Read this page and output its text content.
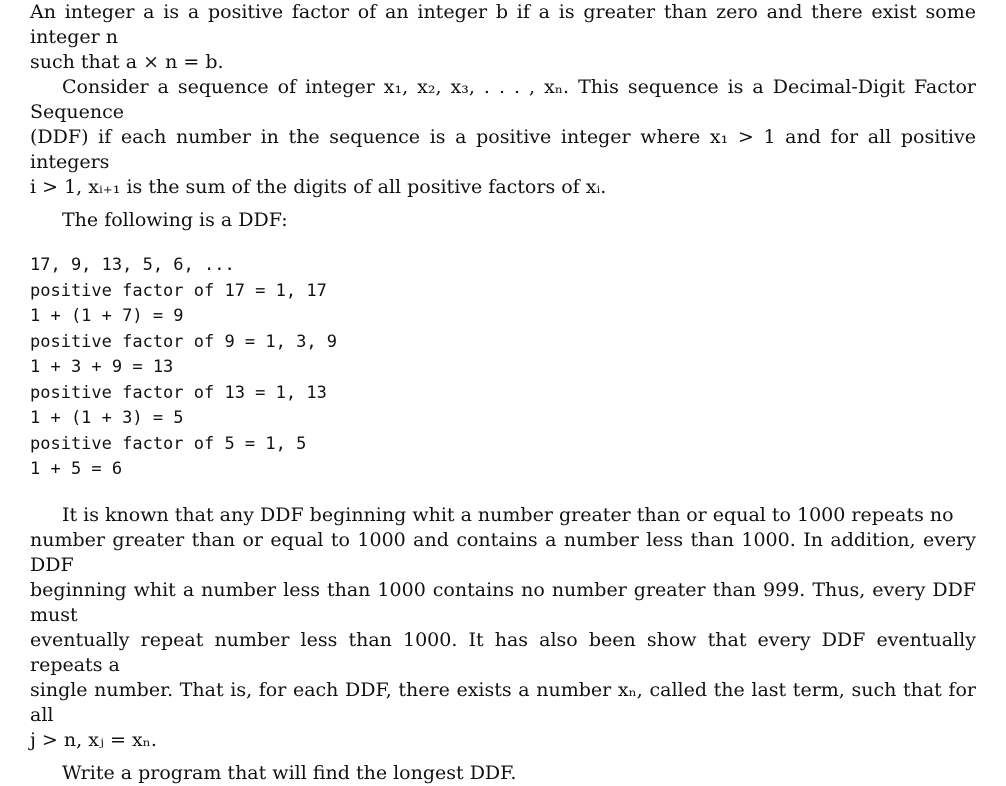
An integer a is a positive factor of an integer b if a is greater than zero and there exist some integer n
such that a × n = b.
Consider a sequence of integer x₁, x₂, x₃, . . . , xₙ. This sequence is a Decimal-Digit Factor Sequence
(DDF) if each number in the sequence is a positive integer where x₁ > 1 and for all positive integers
i > 1, xᵢ₊₁ is the sum of the digits of all positive factors of xᵢ.
The following is a DDF:
17, 9, 13, 5, 6, ...
positive factor of 17 = 1, 17
1 + (1 + 7) = 9
positive factor of 9 = 1, 3, 9
1 + 3 + 9 = 13
positive factor of 13 = 1, 13
1 + (1 + 3) = 5
positive factor of 5 = 1, 5
1 + 5 = 6
It is known that any DDF beginning whit a number greater than or equal to 1000 repeats no
number greater than or equal to 1000 and contains a number less than 1000. In addition, every DDF
beginning whit a number less than 1000 contains no number greater than 999. Thus, every DDF must
eventually repeat number less than 1000. It has also been show that every DDF eventually repeats a
single number. That is, for each DDF, there exists a number xₙ, called the last term, such that for all
j > n, xⱼ = xₙ.
Write a program that will find the longest DDF.
